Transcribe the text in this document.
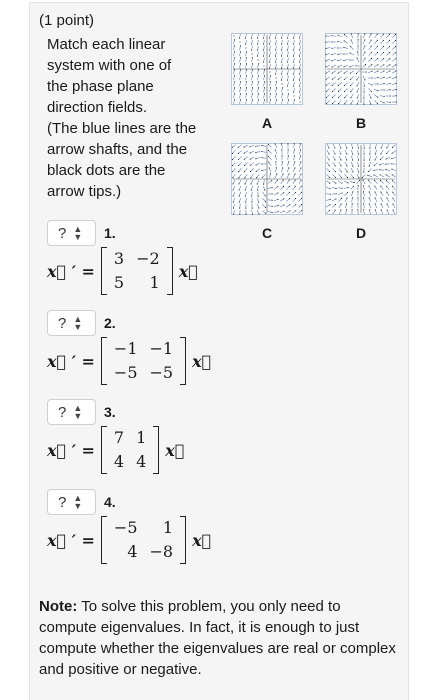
(1 point)

Match each linear

system with one of

the phase plane

direction fields.

(The blue lines are the

arrow shafts, and the

black dots are the

arrow tips.)

A	B
C	D
? ▲
▼ 1.
x⃗ ′ =
3	−2
5	1
x⃗
? ▲
▼ 2.
x⃗ ′ =
−1	−1
−5	−5
x⃗
? ▲
▼ 3.
x⃗ ′ =
7	1
4	4
x⃗
? ▲
▼ 4.
x⃗ ′ =
−5	1
4	−8
x⃗
Note: To solve this problem, you only need to compute eigenvalues. In fact, it is enough to just compute whether the eigenvalues are real or complex and positive or negative.
